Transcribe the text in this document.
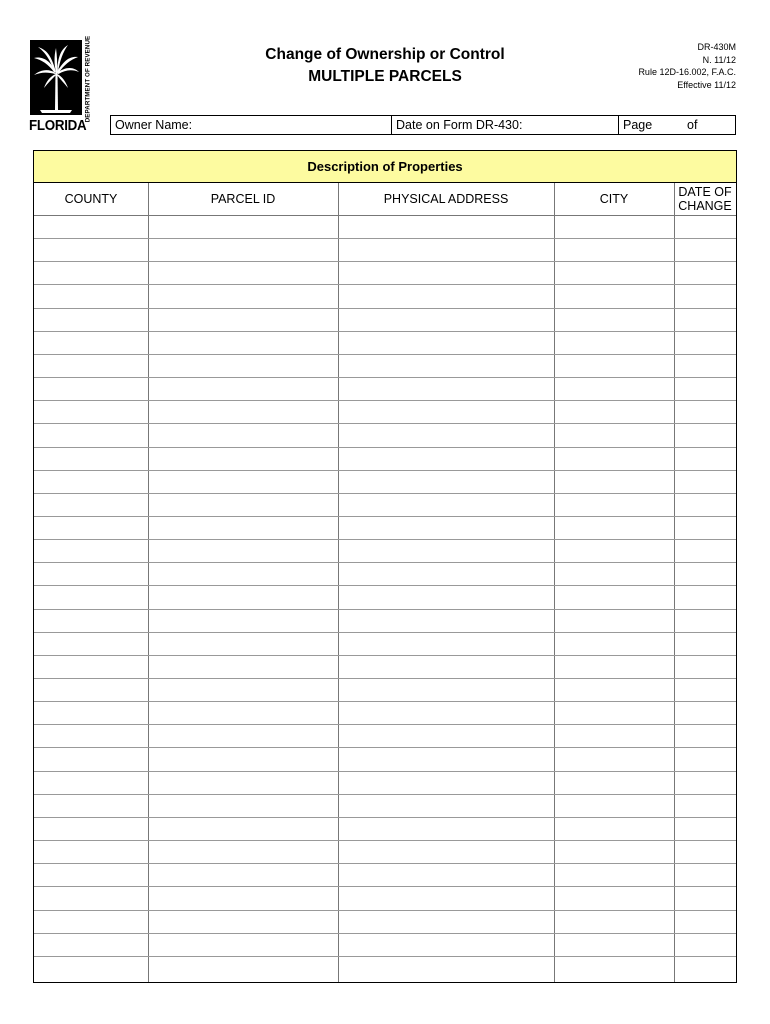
DEPARTMENT OF REVENUE
FLORIDA
Change of Ownership or Control
MULTIPLE PARCELS
DR-430M
N. 11/12
Rule 12D-16.002, F.A.C.
Effective 11/12
Owner Name:	Date on Form DR-430:	Page	of
Description of Properties
COUNTY	PARCEL ID	PHYSICAL ADDRESS	CITY	DATE OF CHANGE
